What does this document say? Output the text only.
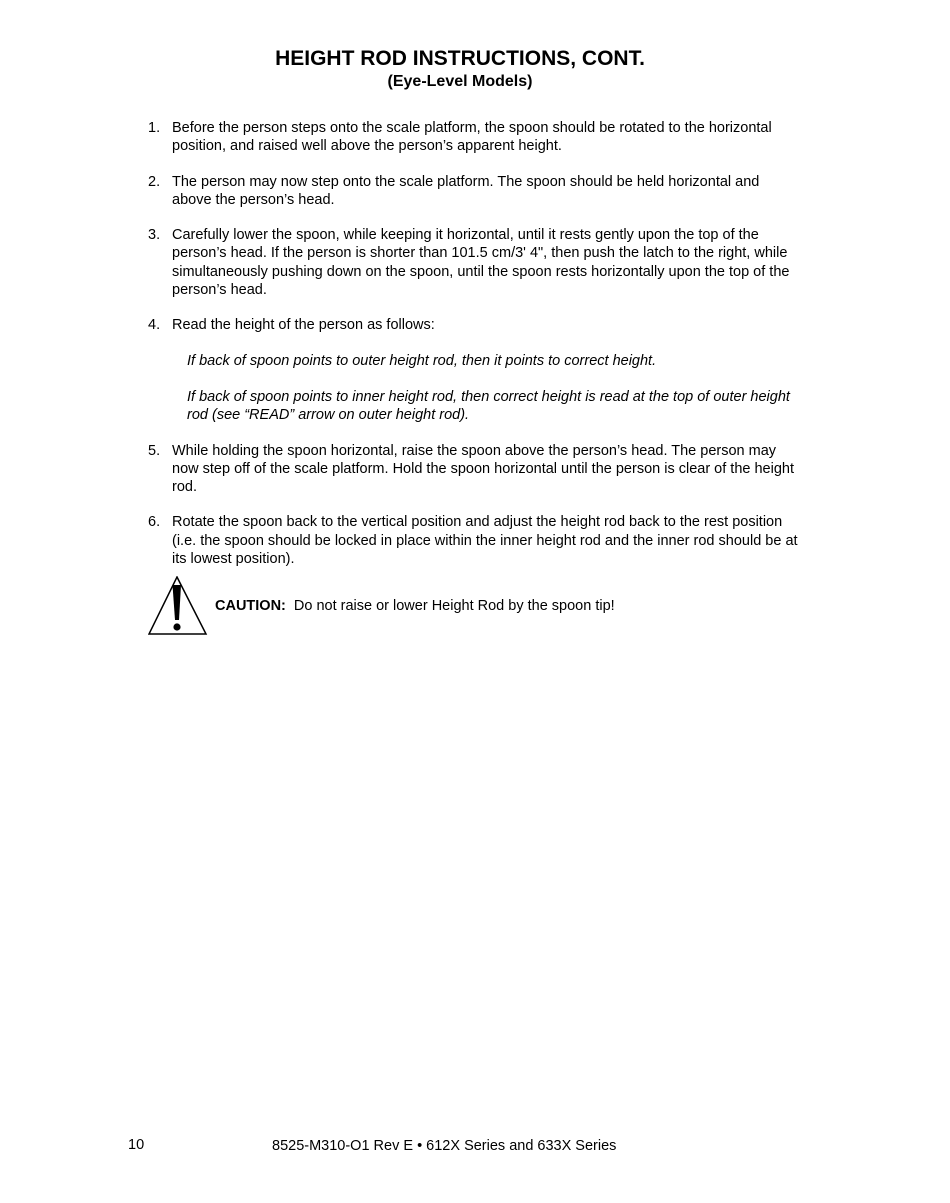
HEIGHT ROD INSTRUCTIONS, CONT.
(Eye-Level Models)
1. Before the person steps onto the scale platform, the spoon should be rotated to the horizontal position, and raised well above the person’s apparent height.
2. The person may now step onto the scale platform. The spoon should be held horizontal and above the person’s head.
3. Carefully lower the spoon, while keeping it horizontal, until it rests gently upon the top of the person’s head. If the person is shorter than 101.5 cm/3' 4", then push the latch to the right, while simultaneously pushing down on the spoon, until the spoon rests horizontally upon the top of the person’s head.
4. Read the height of the person as follows:
If back of spoon points to outer height rod, then it points to correct height.
If back of spoon points to inner height rod, then correct height is read at the top of outer height rod (see “READ” arrow on outer height rod).
5. While holding the spoon horizontal, raise the spoon above the person’s head. The person may now step off of the scale platform. Hold the spoon horizontal until the person is clear of the height rod.
6. Rotate the spoon back to the vertical position and adjust the height rod back to the rest position (i.e. the spoon should be locked in place within the inner height rod and the inner rod should be at its lowest position).
CAUTION: Do not raise or lower Height Rod by the spoon tip!
10	8525-M310-O1 Rev E • 612X Series and 633X Series
